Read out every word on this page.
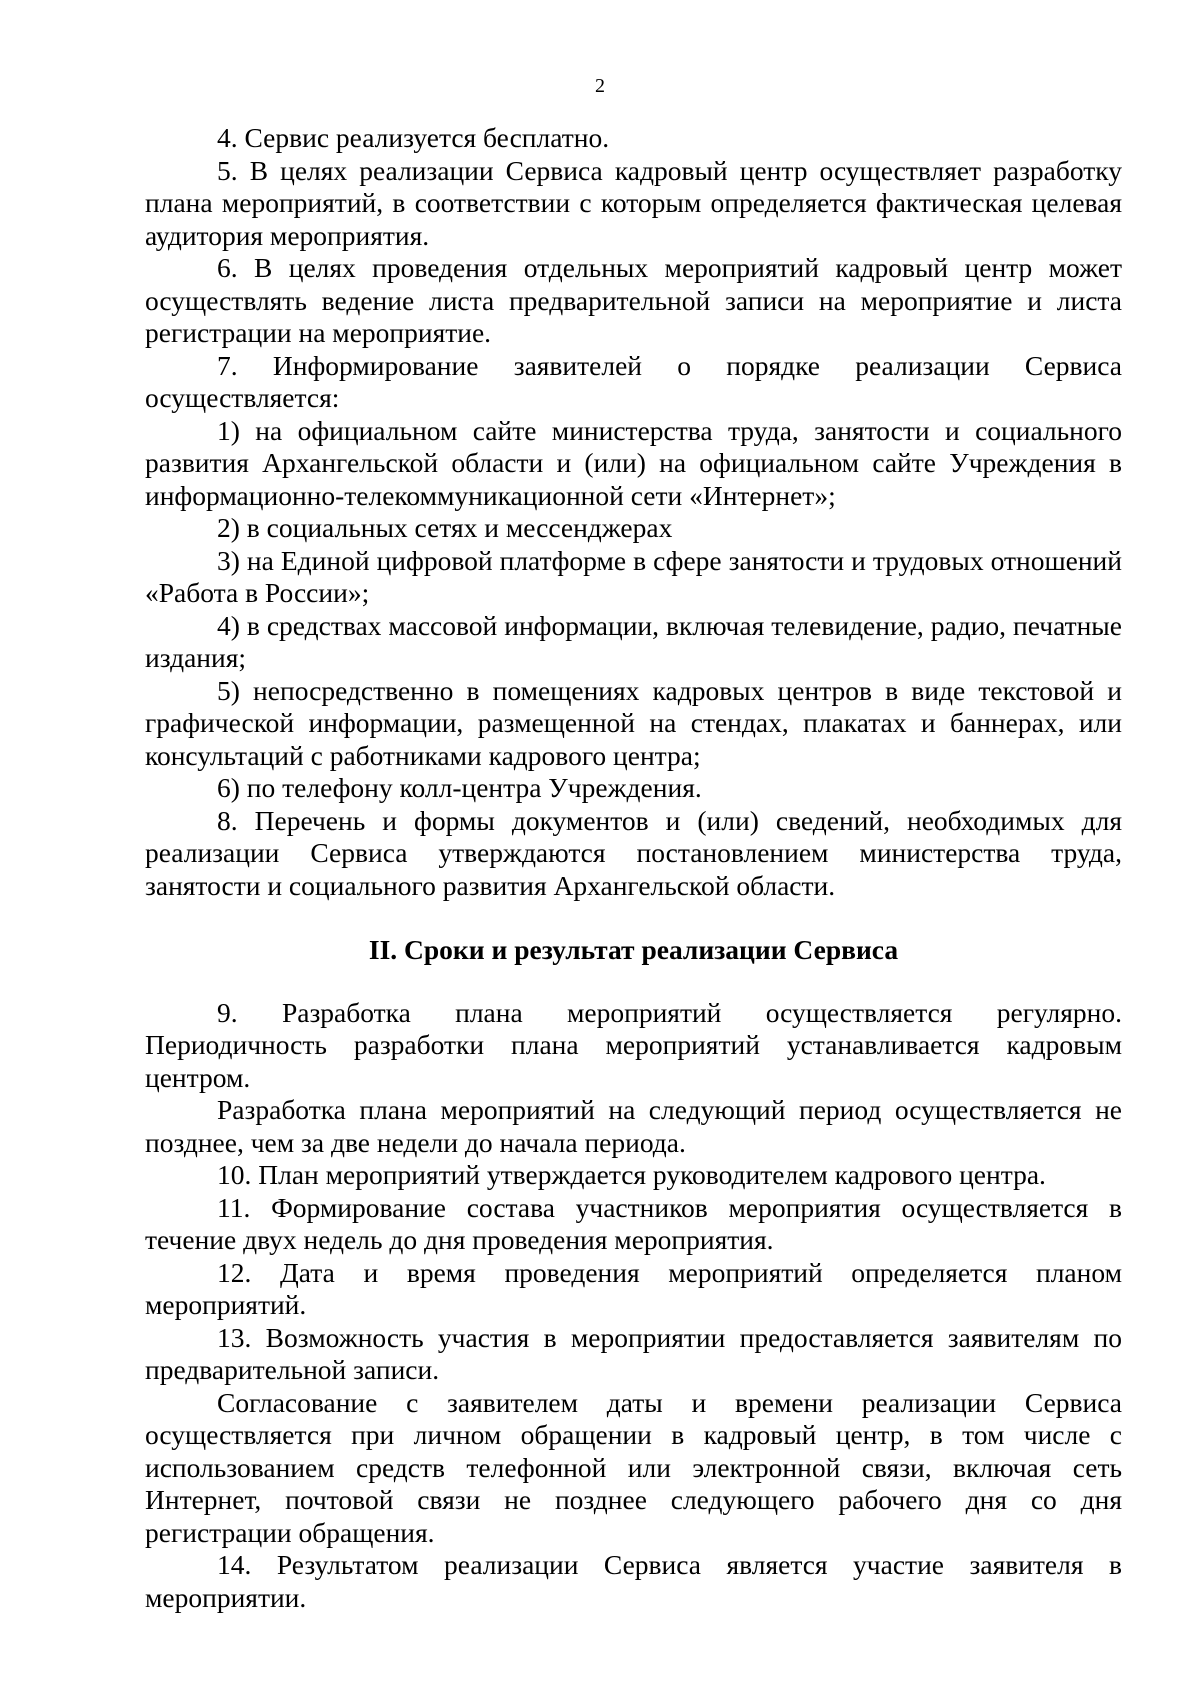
2

4. Сервис реализуется бесплатно.

5. В целях реализации Сервиса кадровый центр осуществляет разработку плана мероприятий, в соответствии с которым определяется фактическая целевая аудитория мероприятия.

6. В целях проведения отдельных мероприятий кадровый центр может осуществлять ведение листа предварительной записи на мероприятие и листа регистрации на мероприятие.

7. Информирование заявителей о порядке реализации Сервиса осуществляется:

1) на официальном сайте министерства труда, занятости и социального развития Архангельской области и (или) на официальном сайте Учреждения в информационно-телекоммуникационной сети «Интернет»;

2) в социальных сетях и мессенджерах

3) на Единой цифровой платформе в сфере занятости и трудовых отношений «Работа в России»;

4) в средствах массовой информации, включая телевидение, радио, печатные издания;

5) непосредственно в помещениях кадровых центров в виде текстовой и графической информации, размещенной на стендах, плакатах и баннерах, или консультаций с работниками кадрового центра;

6) по телефону колл-центра Учреждения.

8. Перечень и формы документов и (или) сведений, необходимых для реализации Сервиса утверждаются постановлением министерства труда, занятости и социального развития Архангельской области.

II. Сроки и результат реализации Сервиса

9. Разработка плана мероприятий осуществляется регулярно. Периодичность разработки плана мероприятий устанавливается кадровым центром.

Разработка плана мероприятий на следующий период осуществляется не позднее, чем за две недели до начала периода.

10. План мероприятий утверждается руководителем кадрового центра.

11. Формирование состава участников мероприятия осуществляется в течение двух недель до дня проведения мероприятия.

12. Дата и время проведения мероприятий определяется планом мероприятий.

13. Возможность участия в мероприятии предоставляется заявителям по предварительной записи.

Согласование с заявителем даты и времени реализации Сервиса осуществляется при личном обращении в кадровый центр, в том числе с использованием средств телефонной или электронной связи, включая сеть Интернет, почтовой связи не позднее следующего рабочего дня со дня регистрации обращения.

14. Результатом реализации Сервиса является участие заявителя в мероприятии.
